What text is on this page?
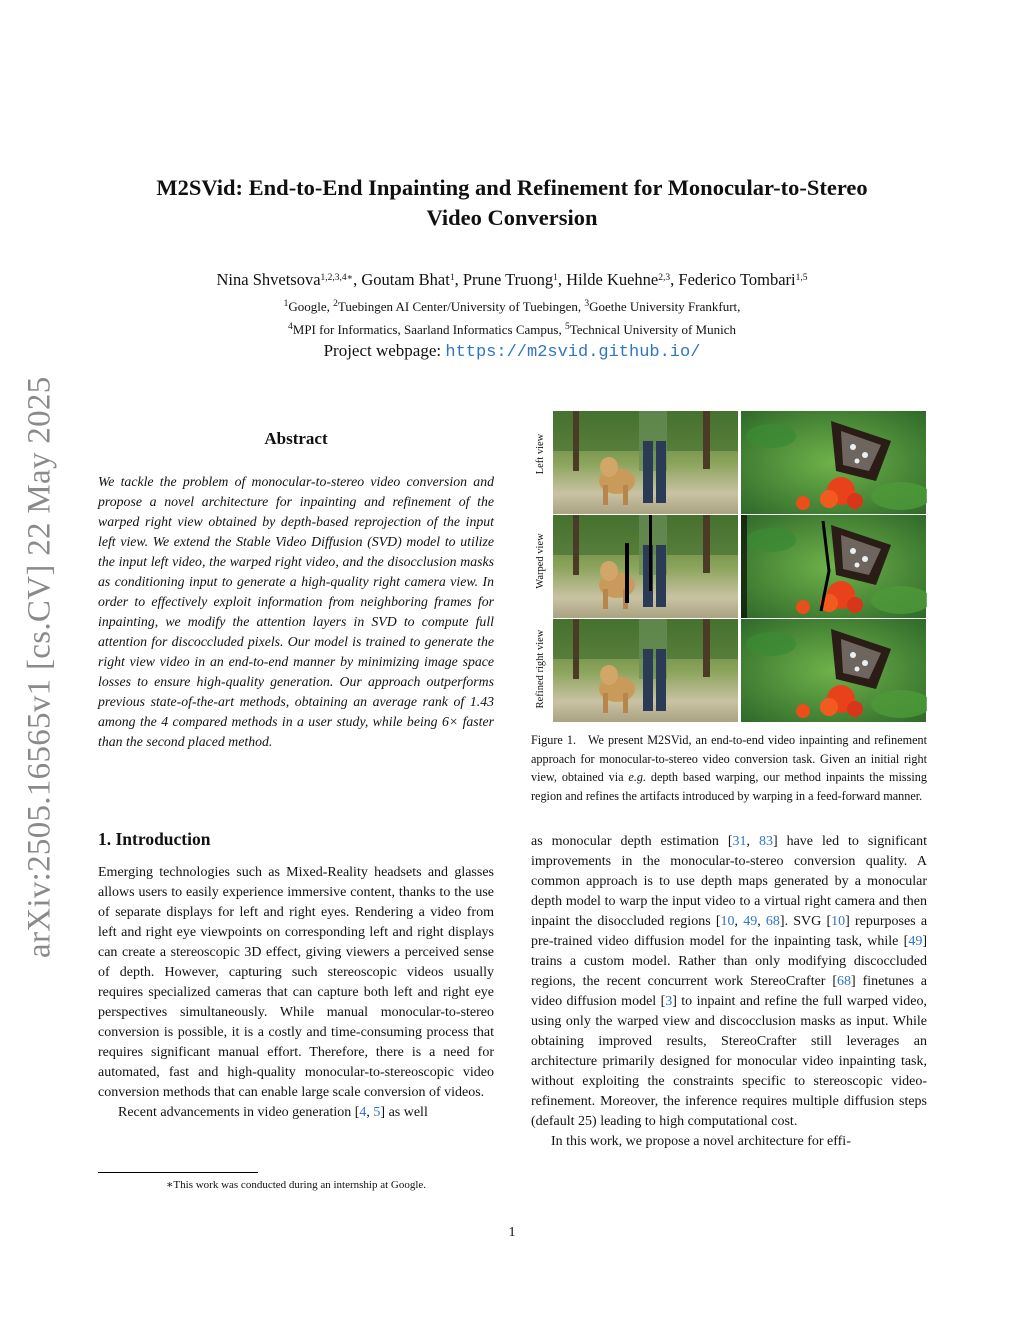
arXiv:2505.16565v1 [cs.CV] 22 May 2025
M2SVid: End-to-End Inpainting and Refinement for Monocular-to-Stereo
Video Conversion
Nina Shvetsova$^{1,2,3,4∗}$, Goutam Bhat$^1$, Prune Truong$^1$, Hilde Kuehne$^{2,3}$, Federico Tombari$^{1,5}$
$^1$Google, $^2$Tuebingen AI Center/University of Tuebingen, $^3$Goethe University Frankfurt,
$^4$MPI for Informatics, Saarland Informatics Campus, $^5$Technical University of Munich
Project webpage: https://m2svid.github.io/
Abstract
We tackle the problem of monocular-to-stereo video conversion and propose a novel architecture for inpainting and refinement of the warped right view obtained by depth-based reprojection of the input left view. We extend the Stable Video Diffusion (SVD) model to utilize the input left video, the warped right video, and the disocclusion masks as conditioning input to generate a high-quality right camera view. In order to effectively exploit information from neighboring frames for inpainting, we modify the attention layers in SVD to compute full attention for discoccluded pixels. Our model is trained to generate the right view video in an end-to-end manner by minimizing image space losses to ensure high-quality generation. Our approach outperforms previous state-of-the-art methods, obtaining an average rank of 1.43 among the 4 compared methods in a user study, while being 6× faster than the second placed method.
1. Introduction

Emerging technologies such as Mixed-Reality headsets and glasses allows users to easily experience immersive content, thanks to the use of separate displays for left and right eyes. Rendering a video from left and right eye viewpoints on corresponding left and right displays can create a stereoscopic 3D effect, giving viewers a perceived sense of depth. However, capturing such stereoscopic videos usually requires specialized cameras that can capture both left and right eye perspectives simultaneously. While manual monocular-to-stereo conversion is possible, it is a costly and time-consuming process that requires significant manual effort. Therefore, there is a need for automated, fast and high-quality monocular-to-stereoscopic video conversion methods that can enable large scale conversion of videos.

Recent advancements in video generation [4, 5] as well

∗This work was conducted during an internship at Google.
Left view
Warped view
Refined right view
Figure 1. We present M2SVid, an end-to-end video inpainting and refinement approach for monocular-to-stereo video conversion task. Given an initial right view, obtained via e.g. depth based warping, our method inpaints the missing region and refines the artifacts introduced by warping in a feed-forward manner.

as monocular depth estimation [31, 83] have led to significant improvements in the monocular-to-stereo conversion quality. A common approach is to use depth maps generated by a monocular depth model to warp the input video to a virtual right camera and then inpaint the disoccluded regions [10, 49, 68]. SVG [10] repurposes a pre-trained video diffusion model for the inpainting task, while [49] trains a custom model. Rather than only modifying discoccluded regions, the recent concurrent work StereoCrafter [68] finetunes a video diffusion model [3] to inpaint and refine the full warped video, using only the warped view and discocclusion masks as input. While obtaining improved results, StereoCrafter still leverages an architecture primarily designed for monocular video inpainting task, without exploiting the constraints specific to stereoscopic video-refinement. Moreover, the inference requires multiple diffusion steps (default 25) leading to high computational cost.

In this work, we propose a novel architecture for effi-

1
